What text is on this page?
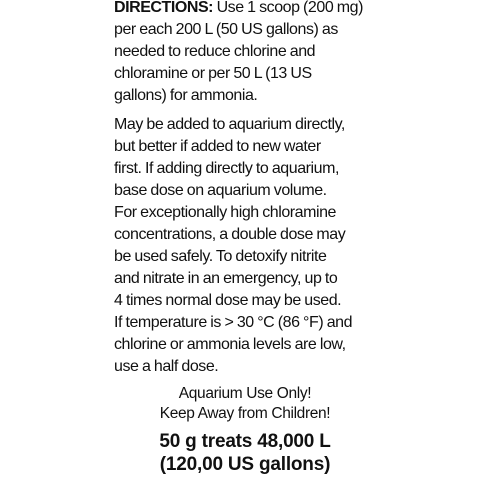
DIRECTIONS: Use 1 scoop (200 mg)
per each 200 L (50 US gallons) as
needed to reduce chlorine and
chloramine or per 50 L (13 US
gallons) for ammonia.
May be added to aquarium directly,
but better if added to new water
first. If adding directly to aquarium,
base dose on aquarium volume.
For exceptionally high chloramine
concentrations, a double dose may
be used safely. To detoxify nitrite
and nitrate in an emergency, up to
4 times normal dose may be used.
If temperature is > 30 °C (86 °F) and
chlorine or ammonia levels are low,
use a half dose.
Aquarium Use Only!
Keep Away from Children!
50 g treats 48,000 L
(120,00 US gallons)
